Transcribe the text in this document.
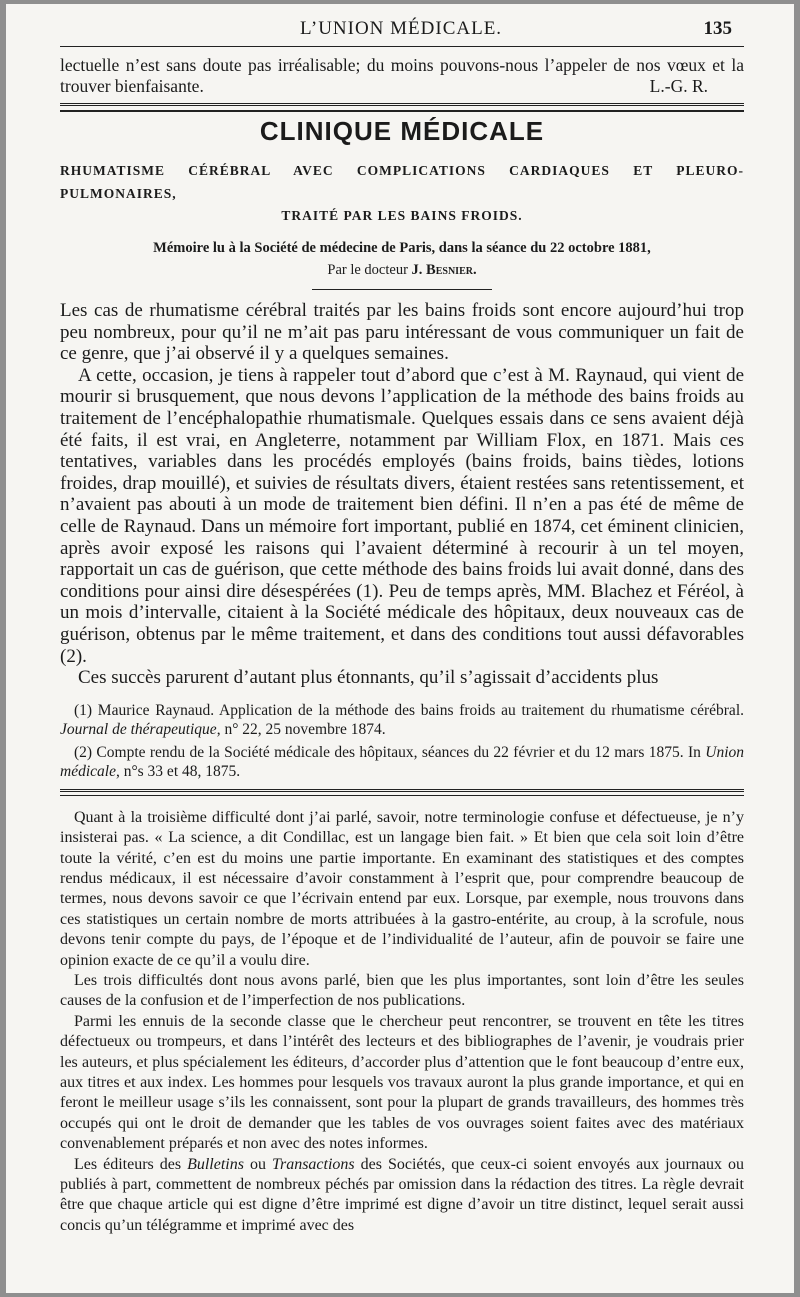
L’UNION MÉDICALE.	135
lectuelle n’est sans doute pas irréalisable; du moins pouvons-nous l’appeler de nos vœux et la trouver bienfaisante.	L.-G. R.
CLINIQUE MÉDICALE
RHUMATISME CÉRÉBRAL AVEC COMPLICATIONS CARDIAQUES ET PLEURO-PULMONAIRES,
TRAITÉ PAR LES BAINS FROIDS.
Mémoire lu à la Société de médecine de Paris, dans la séance du 22 octobre 1881,
Par le docteur J. Besnier.

Les cas de rhumatisme cérébral traités par les bains froids sont encore aujourd’hui trop peu nombreux, pour qu’il ne m’ait pas paru intéressant de vous communiquer un fait de ce genre, que j’ai observé il y a quelques semaines.

A cette, occasion, je tiens à rappeler tout d’abord que c’est à M. Raynaud, qui vient de mourir si brusquement, que nous devons l’application de la méthode des bains froids au traitement de l’encéphalopathie rhumatismale. Quelques essais dans ce sens avaient déjà été faits, il est vrai, en Angleterre, notamment par William Flox, en 1871. Mais ces tentatives, variables dans les procédés employés (bains froids, bains tièdes, lotions froides, drap mouillé), et suivies de résultats divers, étaient restées sans retentissement, et n’avaient pas abouti à un mode de traitement bien défini. Il n’en a pas été de même de celle de Raynaud. Dans un mémoire fort important, publié en 1874, cet éminent clinicien, après avoir exposé les raisons qui l’avaient déterminé à recourir à un tel moyen, rapportait un cas de guérison, que cette méthode des bains froids lui avait donné, dans des conditions pour ainsi dire désespérées (1). Peu de temps après, MM. Blachez et Féréol, à un mois d’intervalle, citaient à la Société médicale des hôpitaux, deux nouveaux cas de guérison, obtenus par le même traitement, et dans des conditions tout aussi défavorables (2).

Ces succès parurent d’autant plus étonnants, qu’il s’agissait d’accidents plus

(1) Maurice Raynaud. Application de la méthode des bains froids au traitement du rhumatisme cérébral. Journal de thérapeutique, n° 22, 25 novembre 1874.

(2) Compte rendu de la Société médicale des hôpitaux, séances du 22 février et du 12 mars 1875. In Union médicale, n°s 33 et 48, 1875.

Quant à la troisième difficulté dont j’ai parlé, savoir, notre terminologie confuse et défectueuse, je n’y insisterai pas. « La science, a dit Condillac, est un langage bien fait. » Et bien que cela soit loin d’être toute la vérité, c’en est du moins une partie importante. En examinant des statistiques et des comptes rendus médicaux, il est nécessaire d’avoir constamment à l’esprit que, pour comprendre beaucoup de termes, nous devons savoir ce que l’écrivain entend par eux. Lorsque, par exemple, nous trouvons dans ces statistiques un certain nombre de morts attribuées à la gastro-entérite, au croup, à la scrofule, nous devons tenir compte du pays, de l’époque et de l’individualité de l’auteur, afin de pouvoir se faire une opinion exacte de ce qu’il a voulu dire.

Les trois difficultés dont nous avons parlé, bien que les plus importantes, sont loin d’être les seules causes de la confusion et de l’imperfection de nos publications.

Parmi les ennuis de la seconde classe que le chercheur peut rencontrer, se trouvent en tête les titres défectueux ou trompeurs, et dans l’intérêt des lecteurs et des bibliographes de l’avenir, je voudrais prier les auteurs, et plus spécialement les éditeurs, d’accorder plus d’attention que le font beaucoup d’entre eux, aux titres et aux index. Les hommes pour lesquels vos travaux auront la plus grande importance, et qui en feront le meilleur usage s’ils les connaissent, sont pour la plupart de grands travailleurs, des hommes très occupés qui ont le droit de demander que les tables de vos ouvrages soient faites avec des matériaux convenablement préparés et non avec des notes informes.

Les éditeurs des Bulletins ou Transactions des Sociétés, que ceux-ci soient envoyés aux journaux ou publiés à part, commettent de nombreux péchés par omission dans la rédaction des titres. La règle devrait être que chaque article qui est digne d’être imprimé est digne d’avoir un titre distinct, lequel serait aussi concis qu’un télégramme et imprimé avec des
